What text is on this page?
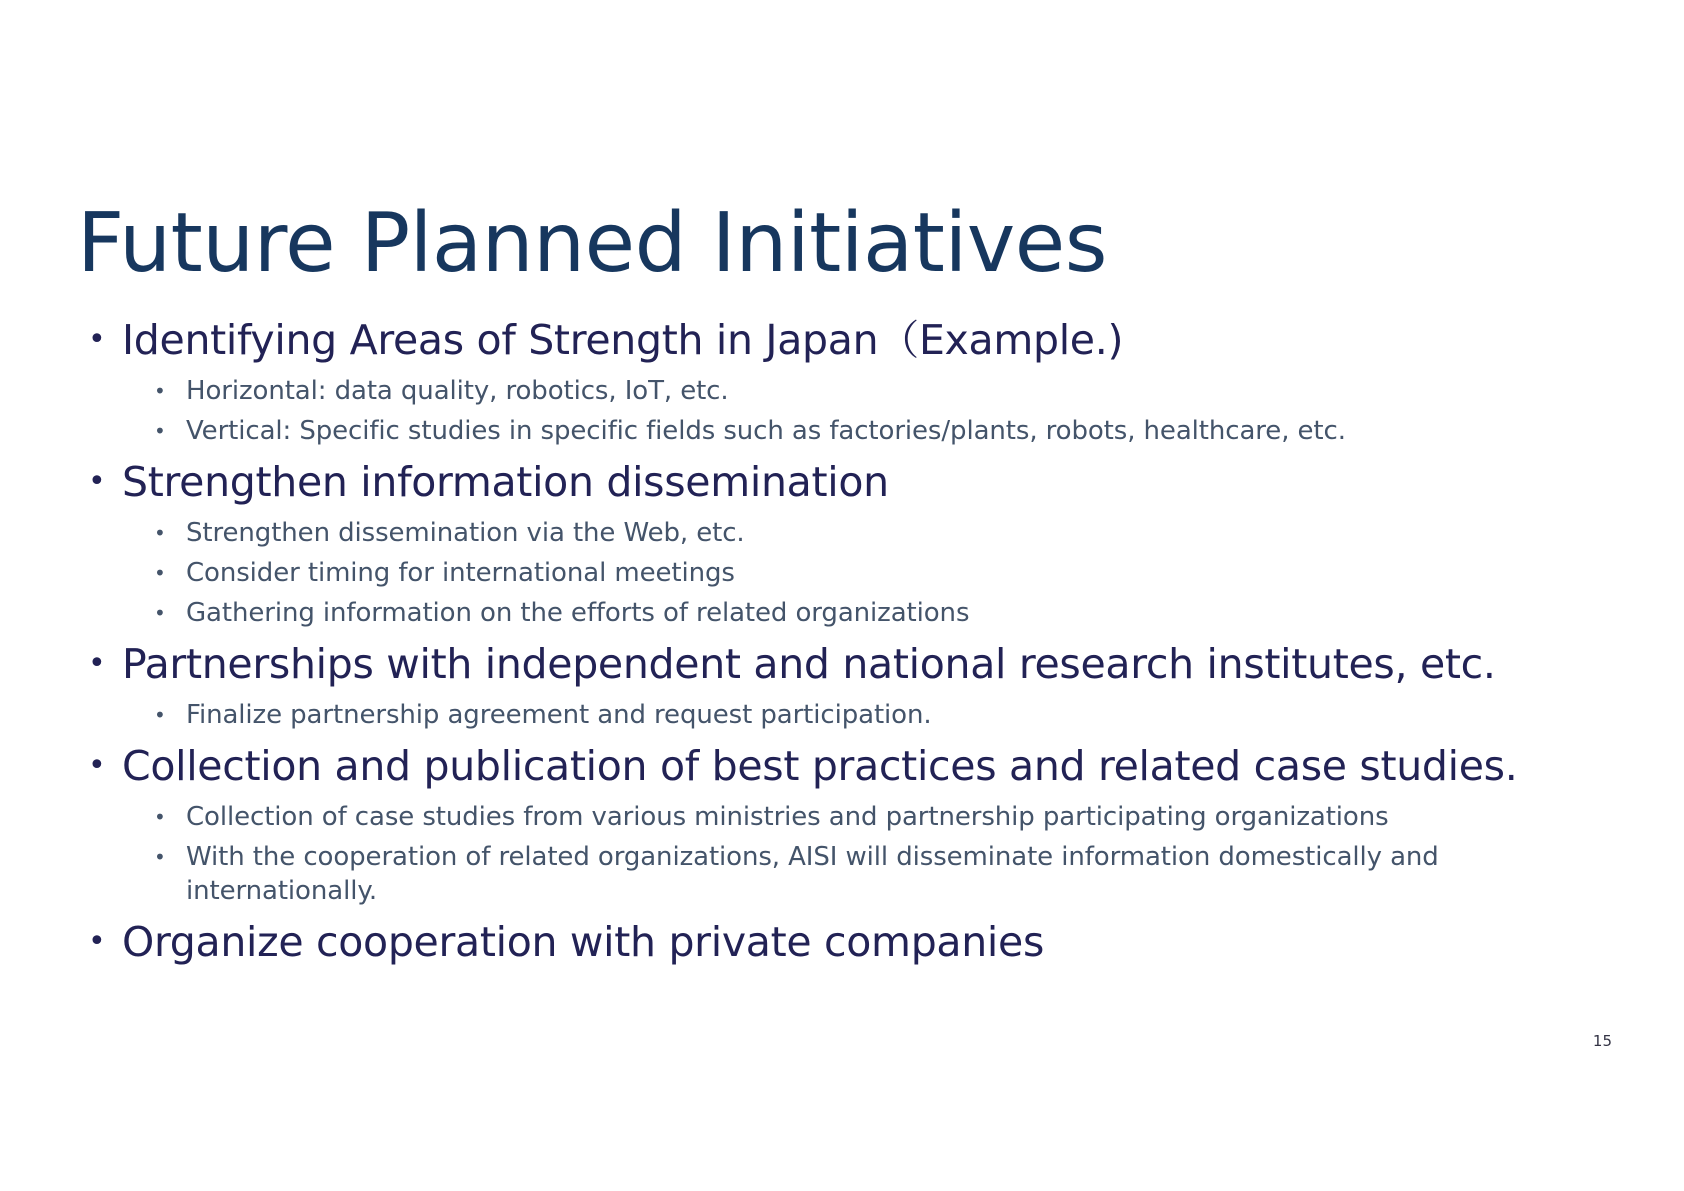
Future Planned Initiatives
• Identifying Areas of Strength in Japan（Example.)
• Horizontal: data quality, robotics, IoT, etc.
• Vertical: Specific studies in specific fields such as factories/plants, robots, healthcare, etc.
• Strengthen information dissemination
• Strengthen dissemination via the Web, etc.
• Consider timing for international meetings
• Gathering information on the efforts of related organizations
• Partnerships with independent and national research institutes, etc.
• Finalize partnership agreement and request participation.
• Collection and publication of best practices and related case studies.
• Collection of case studies from various ministries and partnership participating organizations
• With the cooperation of related organizations, AISI will disseminate information domestically and internationally.
• Organize cooperation with private companies
15
